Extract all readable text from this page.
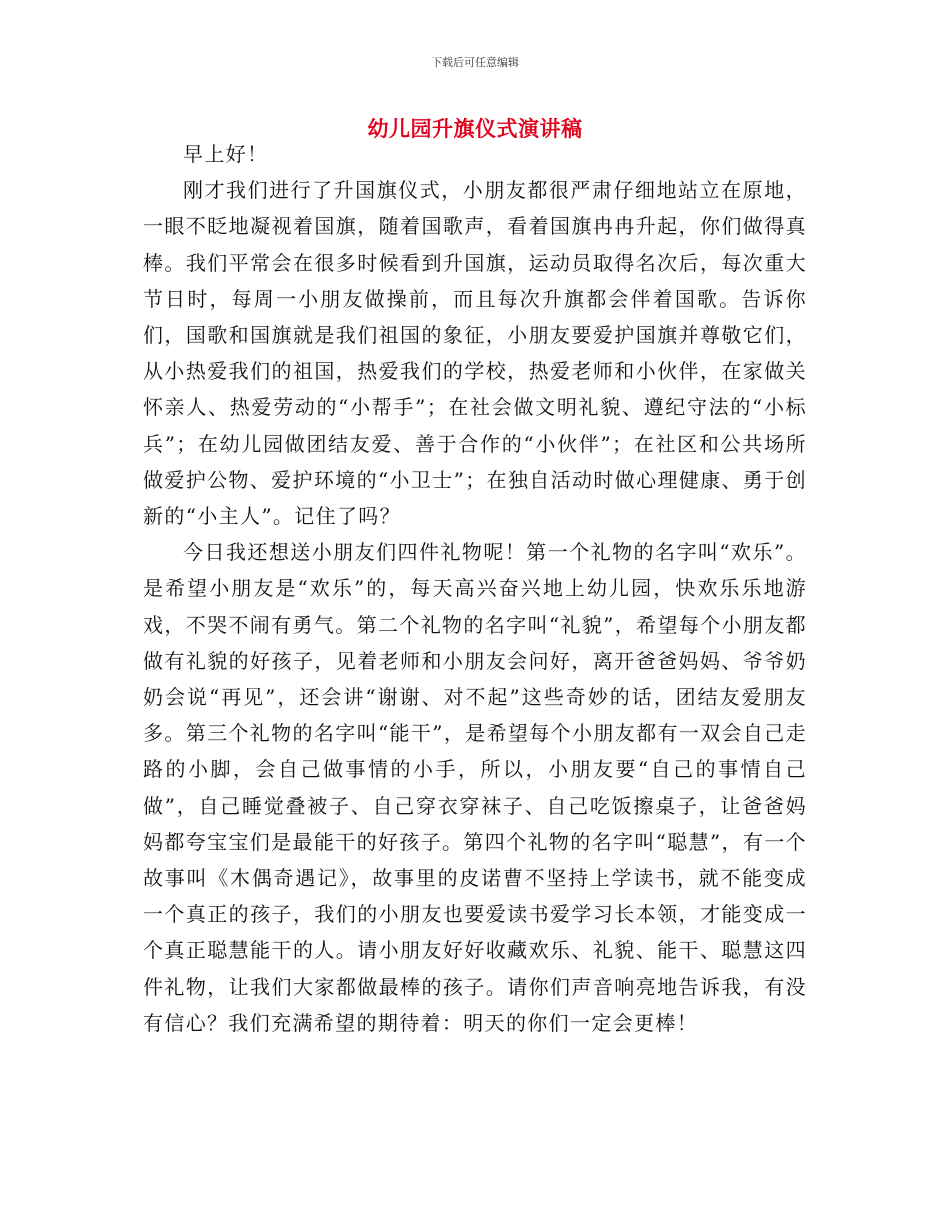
下载后可任意编辑
幼儿园升旗仪式演讲稿

早上好！

刚才我们进行了升国旗仪式，小朋友都很严肃仔细地站立在原地，一眼不眨地凝视着国旗，随着国歌声，看着国旗冉冉升起，你们做得真棒。我们平常会在很多时候看到升国旗，运动员取得名次后，每次重大节日时，每周一小朋友做操前，而且每次升旗都会伴着国歌。告诉你们，国歌和国旗就是我们祖国的象征，小朋友要爱护国旗并尊敬它们，从小热爱我们的祖国，热爱我们的学校，热爱老师和小伙伴，在家做关怀亲人、热爱劳动的“小帮手”；在社会做文明礼貌、遵纪守法的“小标兵”；在幼儿园做团结友爱、善于合作的“小伙伴”；在社区和公共场所做爱护公物、爱护环境的“小卫士”；在独自活动时做心理健康、勇于创新的“小主人”。记住了吗？

今日我还想送小朋友们四件礼物呢！第一个礼物的名字叫“欢乐”。是希望小朋友是“欢乐”的，每天高兴奋兴地上幼儿园，快欢乐乐地游戏，不哭不闹有勇气。第二个礼物的名字叫“礼貌”，希望每个小朋友都做有礼貌的好孩子，见着老师和小朋友会问好，离开爸爸妈妈、爷爷奶奶会说“再见”，还会讲“谢谢、对不起”这些奇妙的话，团结友爱朋友多。第三个礼物的名字叫“能干”，是希望每个小朋友都有一双会自己走路的小脚，会自己做事情的小手，所以，小朋友要“自己的事情自己做”，自己睡觉叠被子、自己穿衣穿袜子、自己吃饭擦桌子，让爸爸妈妈都夸宝宝们是最能干的好孩子。第四个礼物的名字叫“聪慧”，有一个故事叫《木偶奇遇记》，故事里的皮诺曹不坚持上学读书，就不能变成一个真正的孩子，我们的小朋友也要爱读书爱学习长本领，才能变成一个真正聪慧能干的人。请小朋友好好收藏欢乐、礼貌、能干、聪慧这四件礼物，让我们大家都做最棒的孩子。请你们声音响亮地告诉我，有没有信心？我们充满希望的期待着：明天的你们一定会更棒！
